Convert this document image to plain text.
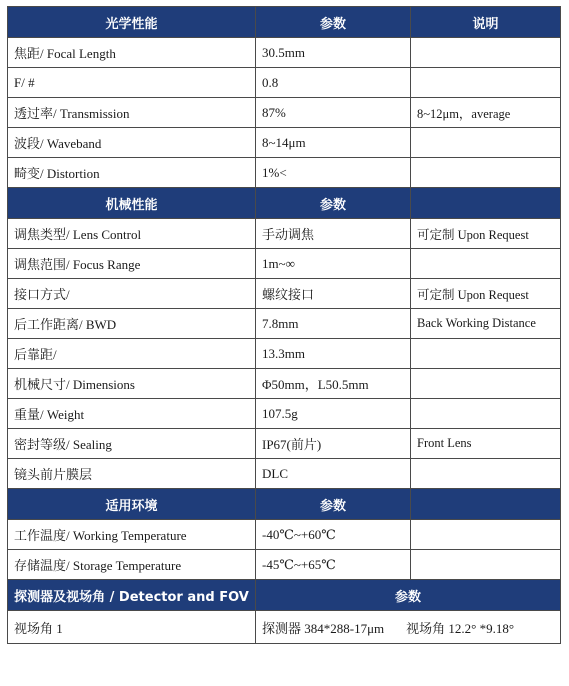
光学性能	参数	说明
焦距/ Focal Length	30.5mm	
F/ #	0.8	
透过率/ Transmission	87%	8~12μm，average
波段/ Waveband	8~14μm	
畸变/ Distortion	1%<	
机械性能	参数	
调焦类型/ Lens Control	手动调焦	可定制 Upon Request
调焦范围/ Focus Range	1m~∞	
接口方式/	螺纹接口	可定制 Upon Request
后工作距离/ BWD	7.8mm	Back Working Distance
后靠距/	13.3mm	
机械尺寸/ Dimensions	Φ50mm，L50.5mm	
重量/ Weight	107.5g	
密封等级/ Sealing	IP67(前片)	Front Lens
镜头前片膜层	DLC	
适用环境	参数	
工作温度/ Working Temperature	-40℃~+60℃	
存储温度/ Storage Temperature	-45℃~+65℃	
探测器及视场角 / Detector and FOV	参数	
视场角 1	探测器 384*288-17μm 视场角 12.2° *9.18°	
